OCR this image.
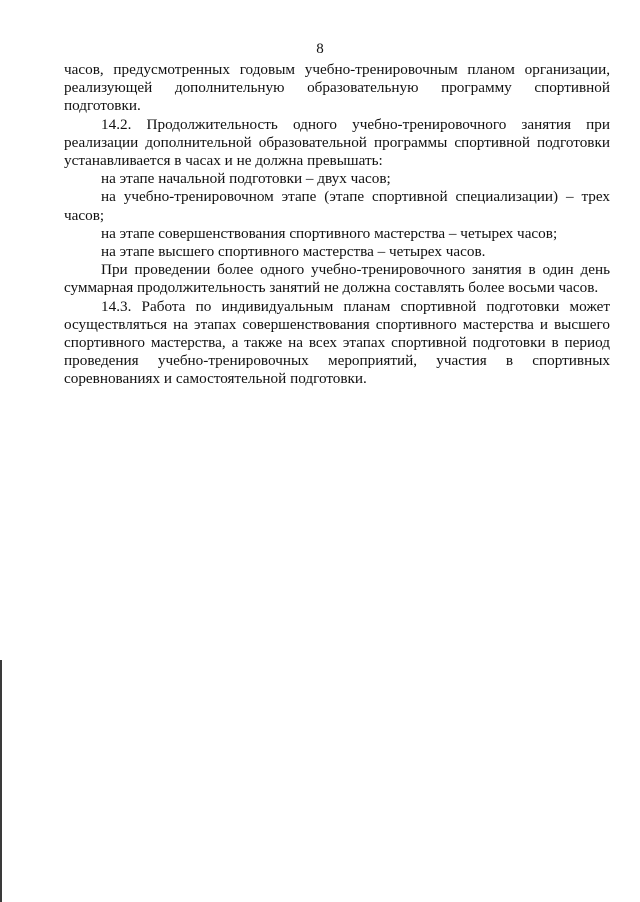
8

часов, предусмотренных годовым учебно-тренировочным планом организации, реализующей дополнительную образовательную программу спортивной подготовки.

14.2. Продолжительность одного учебно-тренировочного занятия при реализации дополнительной образовательной программы спортивной подготовки устанавливается в часах и не должна превышать:

на этапе начальной подготовки – двух часов;

на учебно-тренировочном этапе (этапе спортивной специализации) – трех часов;

на этапе совершенствования спортивного мастерства – четырех часов;

на этапе высшего спортивного мастерства – четырех часов.

При проведении более одного учебно-тренировочного занятия в один день суммарная продолжительность занятий не должна составлять более восьми часов.

14.3. Работа по индивидуальным планам спортивной подготовки может осуществляться на этапах совершенствования спортивного мастерства и высшего спортивного мастерства, а также на всех этапах спортивной подготовки в период проведения учебно-тренировочных мероприятий, участия в спортивных соревнованиях и самостоятельной подготовки.
